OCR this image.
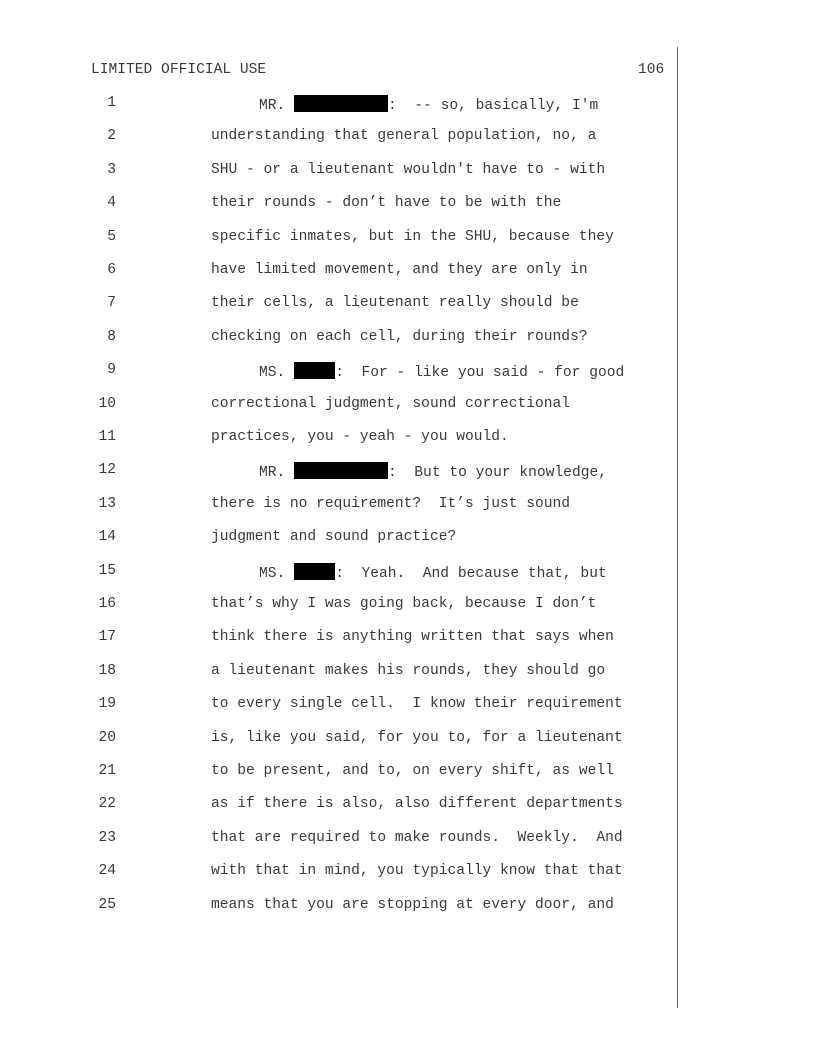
LIMITED OFFICIAL USE	106
1	MR.	:  -- so, basically, I'm
2	understanding that general population, no, a
3	SHU - or a lieutenant wouldn't have to - with
4	their rounds - don’t have to be with the
5	specific inmates, but in the SHU, because they
6	have limited movement, and they are only in
7	their cells, a lieutenant really should be
8	checking on each cell, during their rounds?
9	MS.	:  For - like you said - for good
10	correctional judgment, sound correctional
11	practices, you - yeah - you would.
12	MR.	:  But to your knowledge,
13	there is no requirement?  It’s just sound
14	judgment and sound practice?
15	MS.	:  Yeah.  And because that, but
16	that’s why I was going back, because I don’t
17	think there is anything written that says when
18	a lieutenant makes his rounds, they should go
19	to every single cell.  I know their requirement
20	is, like you said, for you to, for a lieutenant
21	to be present, and to, on every shift, as well
22	as if there is also, also different departments
23	that are required to make rounds.  Weekly.  And
24	with that in mind, you typically know that that
25	means that you are stopping at every door, and
